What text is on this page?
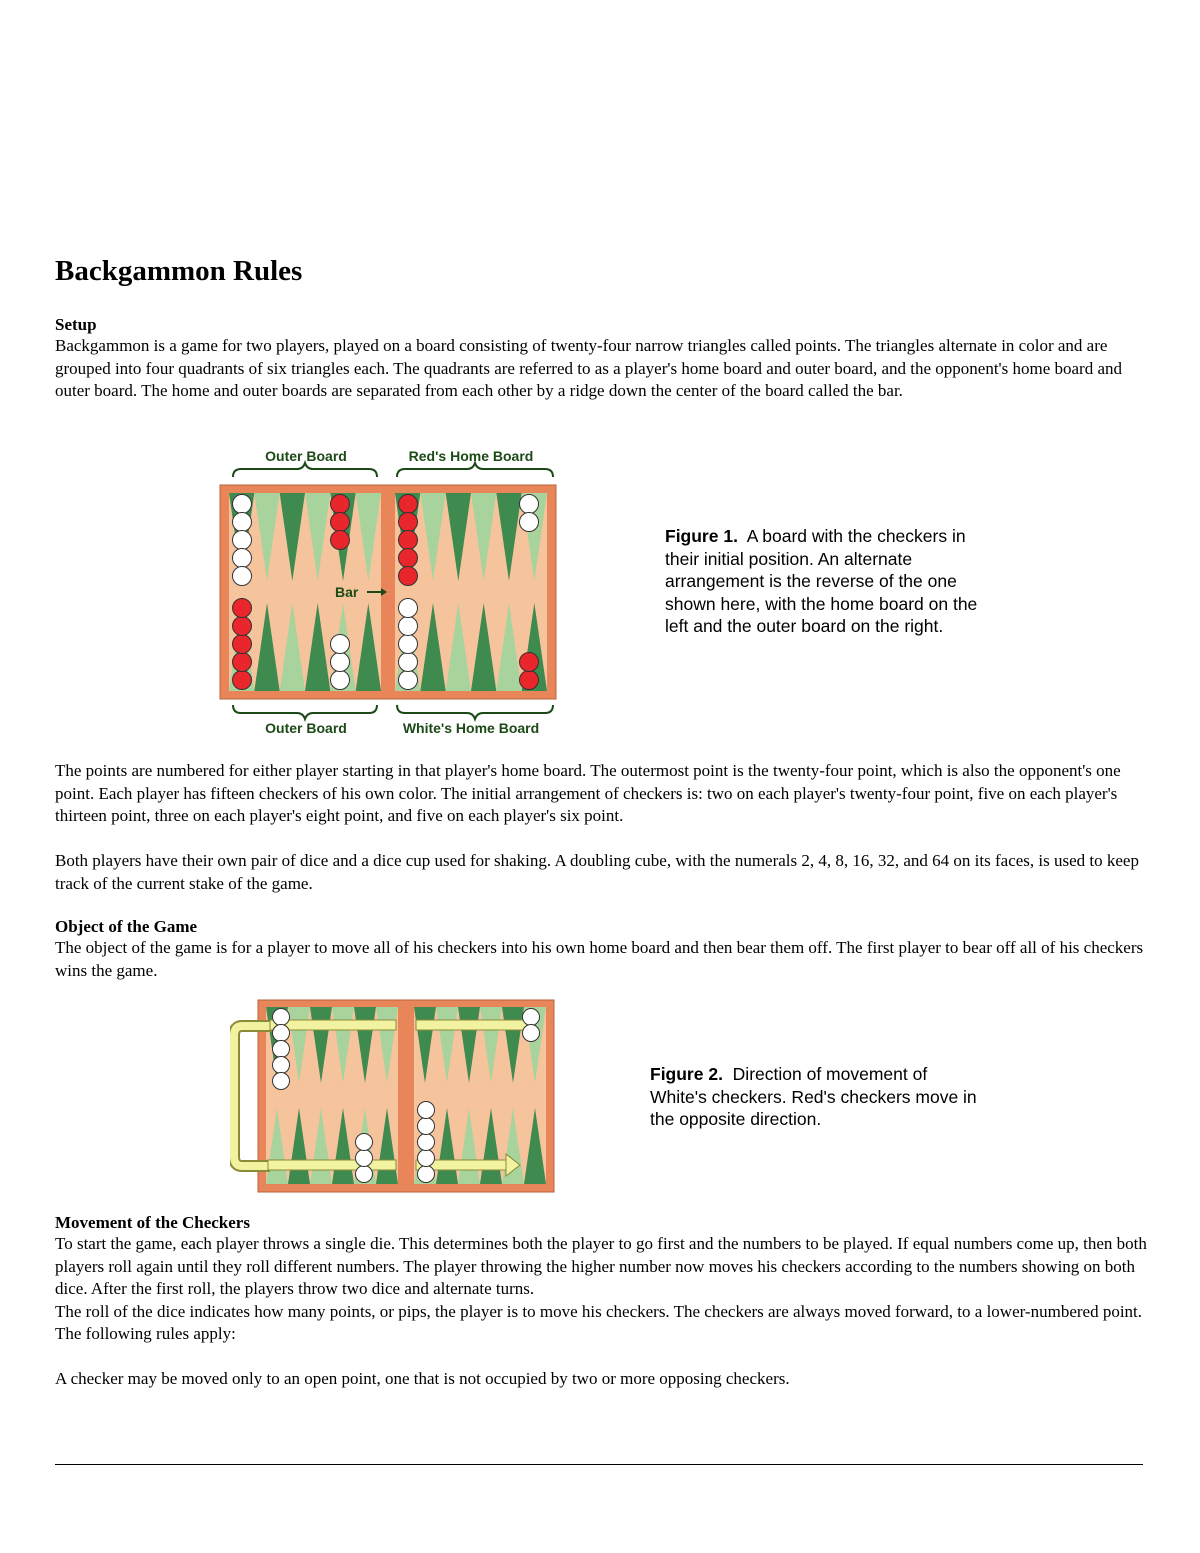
Backgammon Rules

Setup

Backgammon is a game for two players, played on a board consisting of twenty-four narrow triangles called points. The triangles alternate in color and are grouped into four quadrants of six triangles each. The quadrants are referred to as a player's home board and outer board, and the opponent's home board and outer board. The home and outer boards are separated from each other by a ridge down the center of the board called the bar.

Outer Board	Red's Home Board
Bar
Outer Board	White's Home Board
Figure 1. A board with the checkers in their initial position. An alternate arrangement is the reverse of the one shown here, with the home board on the left and the outer board on the right.

The points are numbered for either player starting in that player's home board. The outermost point is the twenty-four point, which is also the opponent's one point. Each player has fifteen checkers of his own color. The initial arrangement of checkers is: two on each player's twenty-four point, five on each player's thirteen point, three on each player's eight point, and five on each player's six point.

Both players have their own pair of dice and a dice cup used for shaking. A doubling cube, with the numerals 2, 4, 8, 16, 32, and 64 on its faces, is used to keep track of the current stake of the game.

Object of the Game

The object of the game is for a player to move all of his checkers into his own home board and then bear them off. The first player to bear off all of his checkers wins the game.

Figure 2. Direction of movement of White's checkers. Red's checkers move in the opposite direction.

Movement of the Checkers

To start the game, each player throws a single die. This determines both the player to go first and the numbers to be played. If equal numbers come up, then both players roll again until they roll different numbers. The player throwing the higher number now moves his checkers according to the numbers showing on both dice. After the first roll, the players throw two dice and alternate turns.

The roll of the dice indicates how many points, or pips, the player is to move his checkers. The checkers are always moved forward, to a lower-numbered point. The following rules apply:

A checker may be moved only to an open point, one that is not occupied by two or more opposing checkers.
